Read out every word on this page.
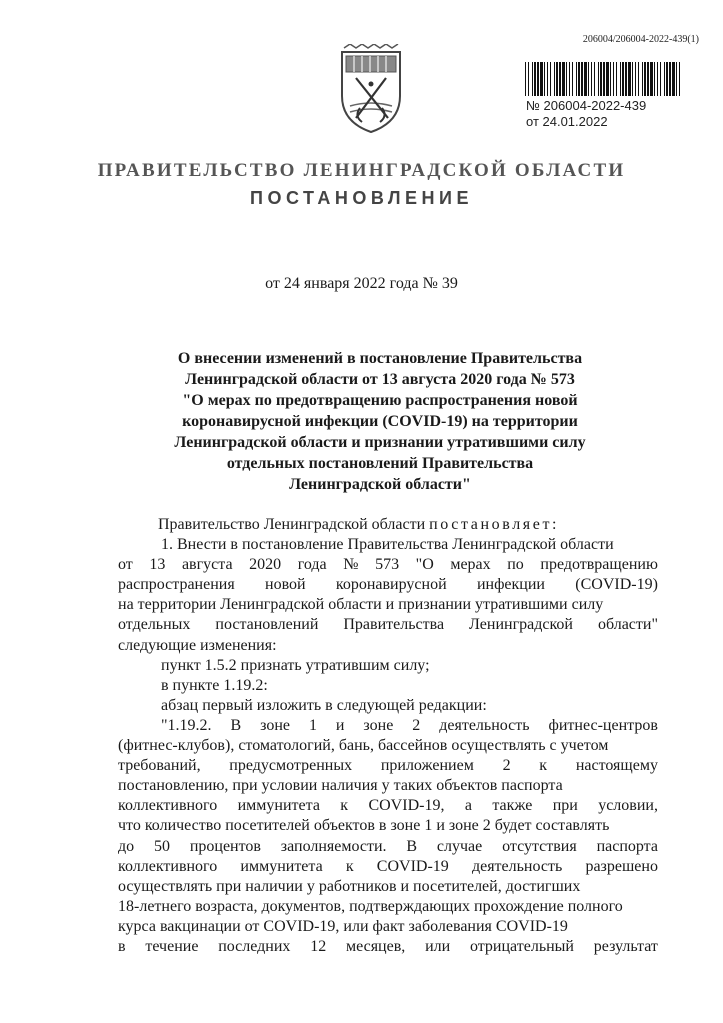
206004/206004-2022-439(1)
№ 206004-2022-439
от 24.01.2022
ПРАВИТЕЛЬСТВО ЛЕНИНГРАДСКОЙ ОБЛАСТИ
ПОСТАНОВЛЕНИЕ
от 24 января 2022 года № 39
О внесении изменений в постановление Правительства
Ленинградской области от 13 августа 2020 года № 573
"О мерах по предотвращению распространения новой
коронавирусной инфекции (COVID-19) на территории
Ленинградской области и признании утратившими силу
отдельных постановлений Правительства
Ленинградской области"
Правительство Ленинградской области постановляет:
1. Внести в постановление Правительства Ленинградской области
от 13 августа 2020 года № 573 "О мерах по предотвращению
распространения новой коронавирусной инфекции (COVID-19)
на территории Ленинградской области и признании утратившими силу
отдельных постановлений Правительства Ленинградской области"
следующие изменения:
пункт 1.5.2 признать утратившим силу;
в пункте 1.19.2:
абзац первый изложить в следующей редакции:
"1.19.2. В зоне 1 и зоне 2 деятельность фитнес-центров
(фитнес-клубов), стоматологий, бань, бассейнов осуществлять с учетом
требований, предусмотренных приложением 2 к настоящему
постановлению, при условии наличия у таких объектов паспорта
коллективного иммунитета к COVID-19, а также при условии,
что количество посетителей объектов в зоне 1 и зоне 2 будет составлять
до 50 процентов заполняемости. В случае отсутствия паспорта
коллективного иммунитета к COVID-19 деятельность разрешено
осуществлять при наличии у работников и посетителей, достигших
18-летнего возраста, документов, подтверждающих прохождение полного
курса вакцинации от COVID-19, или факт заболевания COVID-19
в течение последних 12 месяцев, или отрицательный результат
